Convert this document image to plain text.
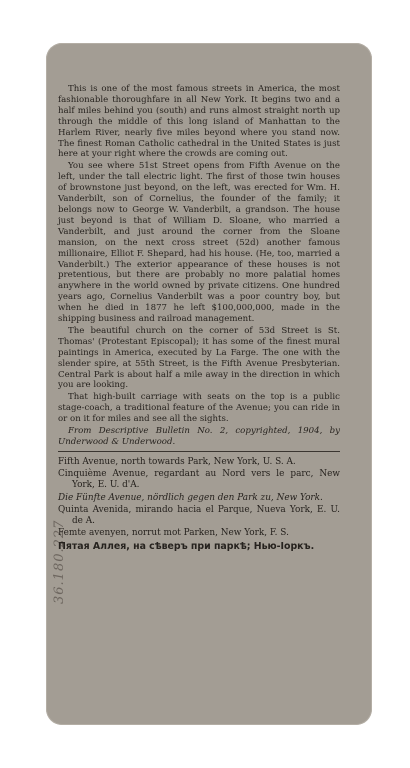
36.180.227

This is one of the most famous streets in America, the most fashionable thoroughfare in all New York. It begins two and a half miles behind you (south) and runs almost straight north up through the middle of this long island of Manhattan to the Harlem River, nearly five miles beyond where you stand now. The finest Roman Catholic cathedral in the United States is just here at your right where the crowds are coming out.

You see where 51st Street opens from Fifth Avenue on the left, under the tall electric light. The first of those twin houses of brownstone just beyond, on the left, was erected for Wm. H. Vanderbilt, son of Cornelius, the founder of the family; it belongs now to George W. Vanderbilt, a grandson. The house just beyond is that of William D. Sloane, who married a Vanderbilt, and just around the corner from the Sloane mansion, on the next cross street (52d) another famous millionaire, Elliot F. Shepard, had his house. (He, too, married a Vanderbilt.) The exterior appearance of these houses is not pretentious, but there are probably no more palatial homes anywhere in the world owned by private citizens. One hundred years ago, Cornelius Vanderbilt was a poor country boy, but when he died in 1877 he left $100,000,000, made in the shipping business and railroad management.

The beautiful church on the corner of 53d Street is St. Thomas' (Protestant Episcopal); it has some of the finest mural paintings in America, executed by La Farge. The one with the slender spire, at 55th Street, is the Fifth Avenue Presbyterian. Central Park is about half a mile away in the direction in which you are looking.

That high-built carriage with seats on the top is a public stage-coach, a traditional feature of the Avenue; you can ride in or on it for miles and see all the sights.

From Descriptive Bulletin No. 2, copyrighted, 1904, by Underwood & Underwood.

Fifth Avenue, north towards Park, New York, U. S. A.

Cinquième Avenue, regardant au Nord vers le parc, New York, E. U. d'A.

Die Fünfte Avenue, nördlich gegen den Park zu, New York.

Quinta Avenida, mirando hacia el Parque, Nueva York, E. U. de A.

Femte avenyen, norrut mot Parken, New York, F. S.

Пятая Аллея, на сѣверъ при паркѣ; Нью-Іоркъ.
